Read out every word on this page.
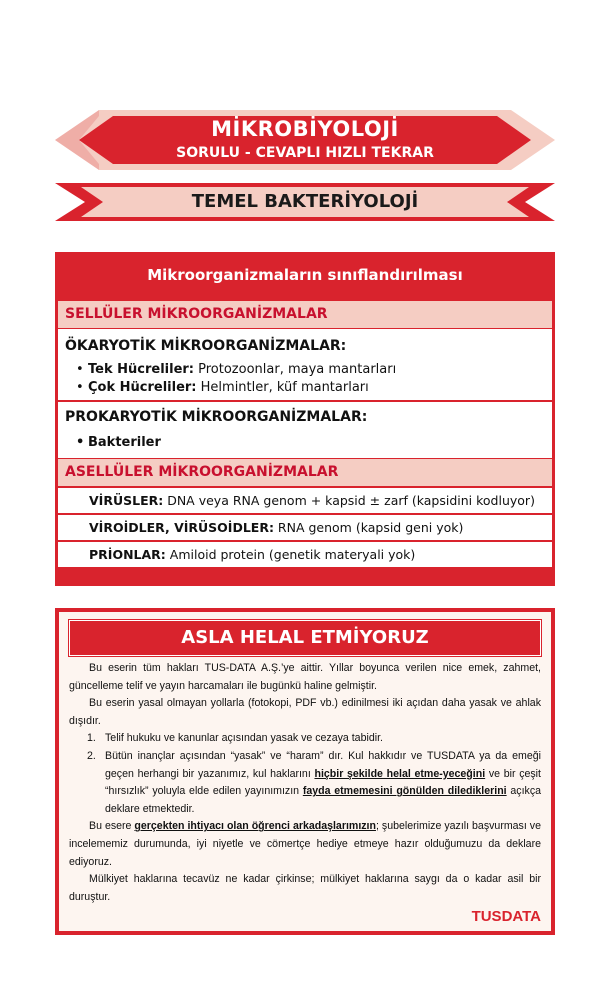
MİKROBİYOLOJİ
SORULU - CEVAPLI HIZLI TEKRAR
TEMEL BAKTERİYOLOJİ
Mikroorganizmaların sınıflandırılması
SELLÜLER MİKROORGANİZMALAR
ÖKARYOTİK MİKROORGANİZMALAR:
• Tek Hücreliler: Protozoonlar, maya mantarları
• Çok Hücreliler: Helmintler, küf mantarları
PROKARYOTİK MİKROORGANİZMALAR:
• Bakteriler
ASELLÜLER MİKROORGANİZMALAR
VİRÜSLER: DNA veya RNA genom + kapsid ± zarf (kapsidini kodluyor)
VİROİDLER, VİRÜSOİDLER: RNA genom (kapsid geni yok)
PRİONLAR: Amiloid protein (genetik materyali yok)
ASLA HELAL ETMİYORUZ

Bu eserin tüm hakları TUS-DATA A.Ş.’ye aittir. Yıllar boyunca verilen nice emek, zahmet, güncelleme telif ve yayın harcamaları ile bugünkü haline gelmiştir.

Bu eserin yasal olmayan yollarla (fotokopi, PDF vb.) edinilmesi iki açıdan daha yasak ve ahlak dışıdır.

1. Telif hukuku ve kanunlar açısından yasak ve cezaya tabidir.

2. Bütün inançlar açısından “yasak” ve “haram” dır. Kul hakkıdır ve TUSDATA ya da emeği geçen herhangi bir yazanımız, kul haklarını hiçbir şekilde helal etme-yeceğini ve bir çeşit “hırsızlık” yoluyla elde edilen yayınımızın fayda etmemesini gönülden dilediklerini açıkça deklare etmektedir.

Bu esere gerçekten ihtiyacı olan öğrenci arkadaşlarımızın; şubelerimize yazılı başvurması ve incelememiz durumunda, iyi niyetle ve cömertçe hediye etmeye hazır olduğumuzu da deklare ediyoruz.

Mülkiyet haklarına tecavüz ne kadar çirkinse; mülkiyet haklarına saygı da o kadar asil bir duruştur.

TUSDATA
